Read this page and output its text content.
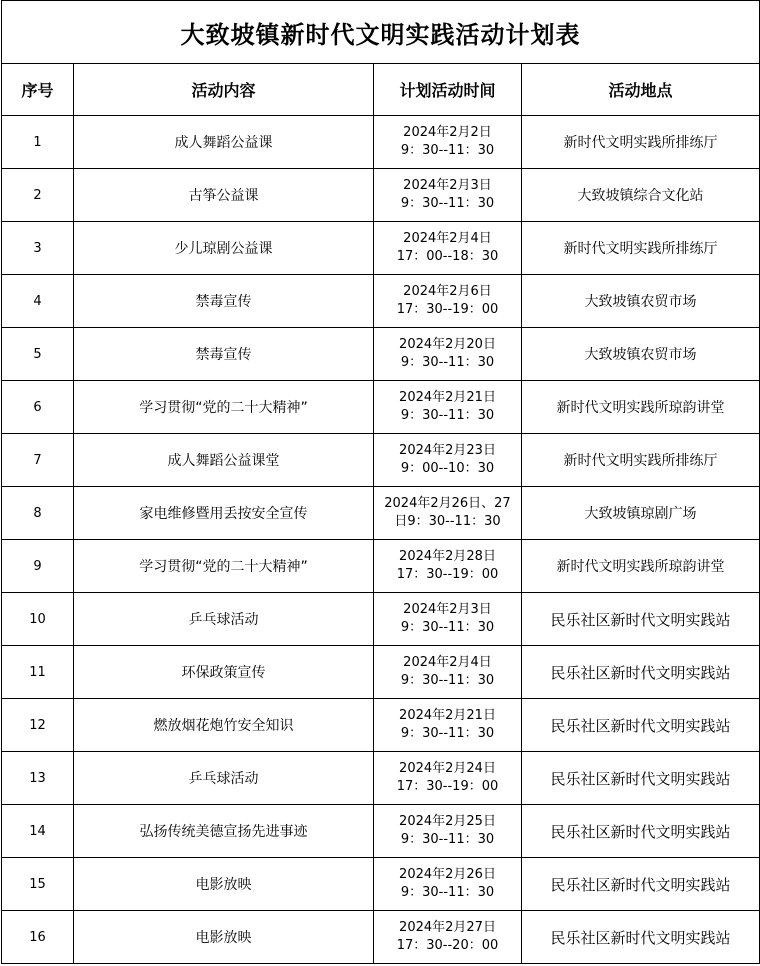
大致坡镇新时代文明实践活动计划表			
序号	活动内容	计划活动时间	活动地点
1	成人舞蹈公益课	2024年2月2日
9：30--11：30	新时代文明实践所排练厅
2	古筝公益课	2024年2月3日
9：30--11：30	大致坡镇综合文化站
3	少儿琼剧公益课	2024年2月4日
17：00--18：30	新时代文明实践所排练厅
4	禁毒宣传	2024年2月6日
17：30--19：00	大致坡镇农贸市场
5	禁毒宣传	2024年2月20日
9：30--11：30	大致坡镇农贸市场
6	学习贯彻“党的二十大精神”	2024年2月21日
9：30--11：30	新时代文明实践所琼韵讲堂
7	成人舞蹈公益课堂	2024年2月23日
9：00--10：30	新时代文明实践所排练厅
8	家电维修暨用丢按安全宣传	2024年2月26日、27
日9：30--11：30	大致坡镇琼剧广场
9	学习贯彻“党的二十大精神”	2024年2月28日
17：30--19：00	新时代文明实践所琼韵讲堂
10	乒乓球活动	2024年2月3日
9：30--11：30	民乐社区新时代文明实践站
11	环保政策宣传	2024年2月4日
9：30--11：30	民乐社区新时代文明实践站
12	燃放烟花炮竹安全知识	2024年2月21日
9：30--11：30	民乐社区新时代文明实践站
13	乒乓球活动	2024年2月24日
17：30--19：00	民乐社区新时代文明实践站
14	弘扬传统美德宣扬先进事迹	2024年2月25日
9：30--11：30	民乐社区新时代文明实践站
15	电影放映	2024年2月26日
9：30--11：30	民乐社区新时代文明实践站
16	电影放映	2024年2月27日
17：30--20：00	民乐社区新时代文明实践站
